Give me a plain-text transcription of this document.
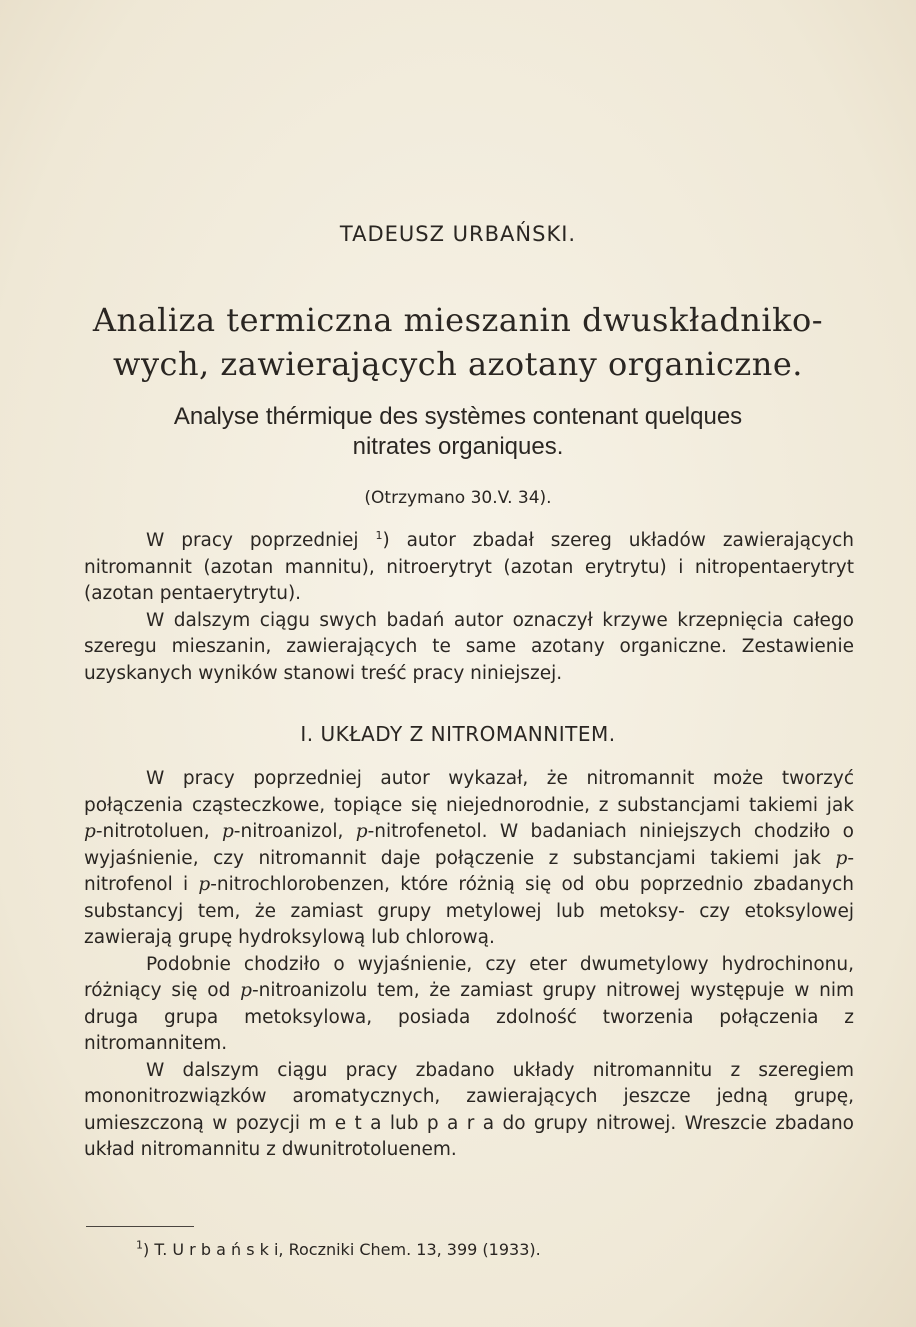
TADEUSZ URBAŃSKI.
Analiza termiczna mieszanin dwuskładniko-
wych, zawierających azotany organiczne.
Analyse thérmique des systèmes contenant quelques
nitrates organiques.
(Otrzymano 30.V. 34).

W pracy poprzedniej $^1$) autor zbadał szereg układów zawierających nitromannit (azotan mannitu), nitroerytryt (azotan erytrytu) i nitropentaerytryt (azotan pentaerytrytu).

W dalszym ciągu swych badań autor oznaczył krzywe krzepnięcia całego szeregu mieszanin, zawierających te same azotany organiczne. Zestawienie uzyskanych wyników stanowi treść pracy niniejszej.

I. UKŁADY Z NITROMANNITEM.

W pracy poprzedniej autor wykazał, że nitromannit może tworzyć połączenia cząsteczkowe, topiące się niejednorodnie, z substancjami takiemi jak p-nitrotoluen, p-nitroanizol, p-nitrofenetol. W badaniach niniejszych chodziło o wyjaśnienie, czy nitromannit daje połączenie z substancjami takiemi jak p-nitrofenol i p-nitrochlorobenzen, które różnią się od obu poprzednio zbadanych substancyj tem, że zamiast grupy metylowej lub metoksy- czy etoksylowej zawierają grupę hydroksylową lub chlorową.

Podobnie chodziło o wyjaśnienie, czy eter dwumetylowy hydrochinonu, różniący się od p-nitroanizolu tem, że zamiast grupy nitrowej występuje w nim druga grupa metoksylowa, posiada zdolność tworzenia połączenia z nitromannitem.

W dalszym ciągu pracy zbadano układy nitromannitu z szeregiem mononitrozwiązków aromatycznych, zawierających jeszcze jedną grupę, umieszczoną w pozycji m e t a lub p a r a do grupy nitrowej. Wreszcie zbadano układ nitromannitu z dwunitrotoluenem.

$^1$) T. U r b a ń s k i, Roczniki Chem. 13, 399 (1933).
